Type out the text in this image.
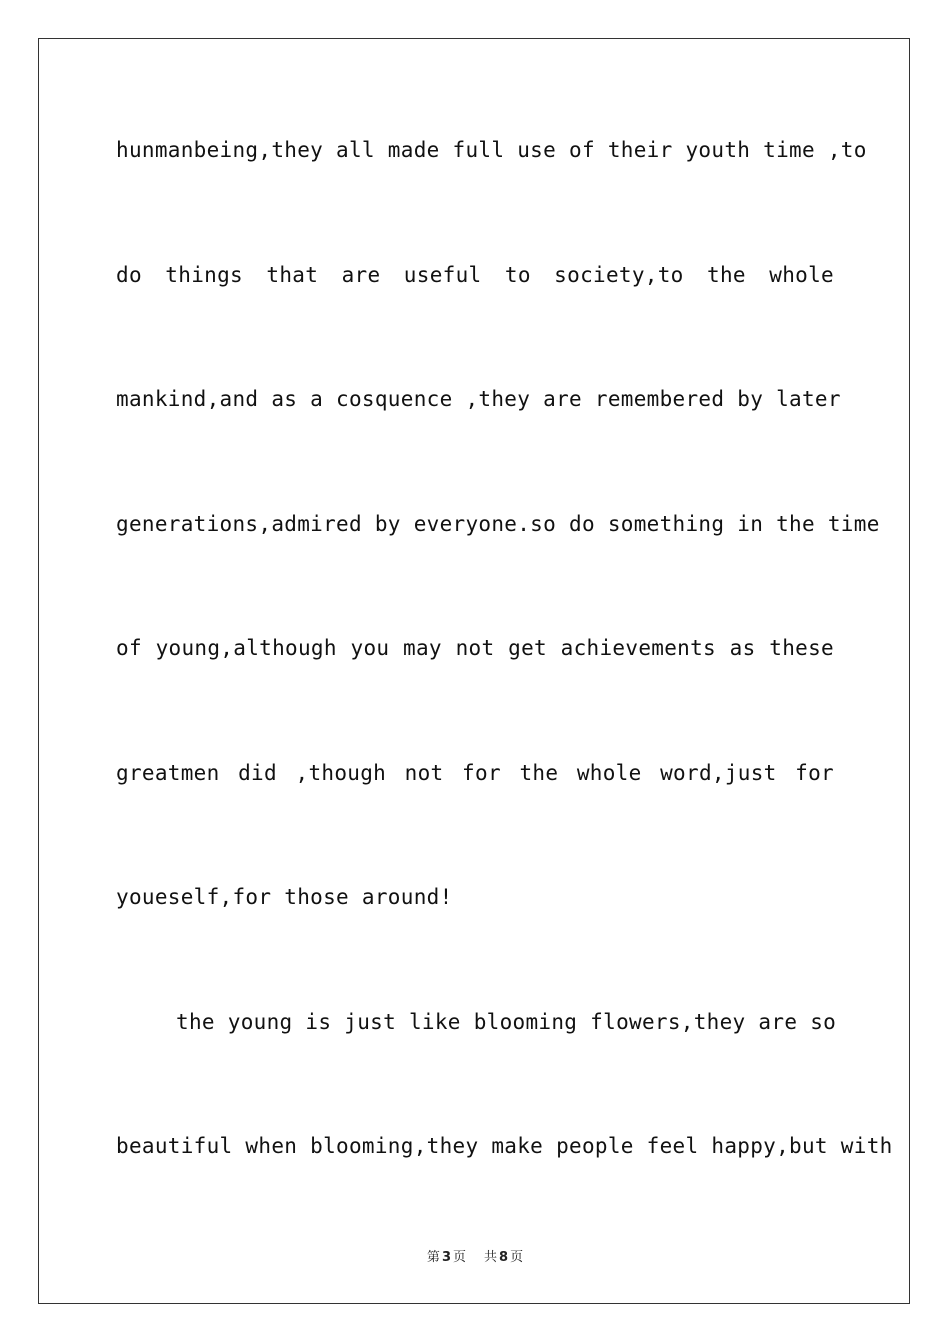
hunmanbeing,they all made full use of their youth time ,to
do things that are useful to society,to the whole
mankind,and as a cosquence ,they are remembered by later
generations,admired by everyone.so do something in the time
of young,although you may not get achievements as these
greatmen did ,though not for the whole word,just for
youeself,for those around!
the young is just like blooming flowers,they are so
beautiful when blooming,they make people feel happy,but with
第 3 页 共 8 页
